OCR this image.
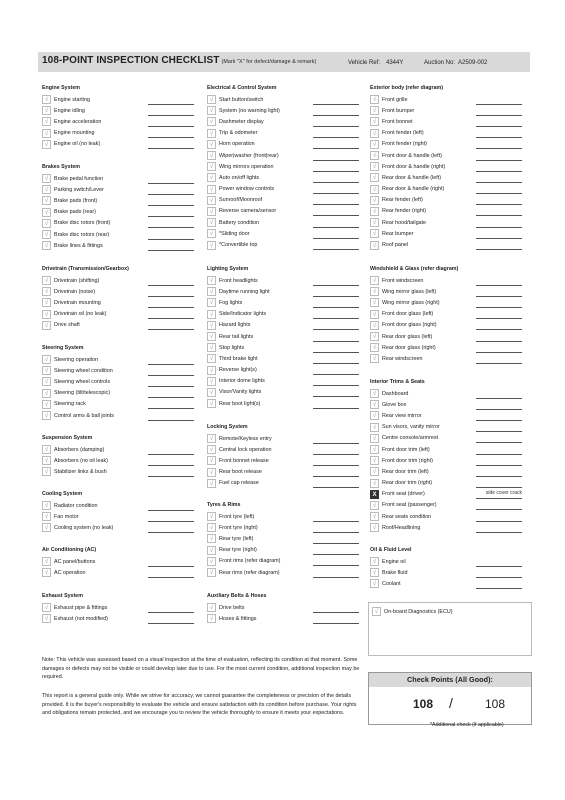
108-POINT INSPECTION CHECKLIST (Mark "X" for defect/damage & remark)	Vehicle Ref: 4344Y	Auction No: A2509-002
Engine System
√	Engine starting
√	Engine idling
√	Engine acceleration
√	Engine mounting
√	Engine oil (no leak)
Brakes System
√	Brake pedal function
√	Parking switch/Lever
√	Brake pads (front)
√	Brake pads (rear)
√	Brake disc rotors (front)
√	Brake disc rotors (rear)
√	Brake lines & fittings
Drivetrain (Transmission/Gearbox)
√	Drivetrain (shifting)
√	Drivetrain (noise)
√	Drivetrain mounting
√	Drivetrain oil (no leak)
√	Drive shaft
Steering System
√	Steering operation
√	Steering wheel condition
√	Steering wheel controls
√	Steering (tilt/telescopic)
√	Steering rack
√	Control arms & ball joints
Suspension System
√	Absorbers (damping)
√	Absorbers (no oil leak)
√	Stabilizer links & bush
Cooling System
√	Radiator condition
√	Fan motor
√	Cooling system (no leak)
Air Conditioning (AC)
√	AC panel/buttons
√	AC operation
Exhaust System
√	Exhaust pipe & fittings
√	Exhaust (not modified)
Electrical & Control System
√	Start button/switch
√	System (no warning light)
√	Dashmeter display
√	Trip & odometer
√	Horn operation
√	Wiper|washer (front|rear)
√	Wing mirrors operation
√	Auto on/off lights
√	Power window controls
√	Sunroof/Moonroof
√	Reverse camera/sensor
√	Battery condition
√	*Sliding door
√	*Convertible top
Lighting System
√	Front headlights
√	Daytime running light
√	Fog lights
√	Side/Indicator lights
√	Hazard lights
√	Rear tail lights
√	Stop lights
√	Third brake light
√	Reverse light(s)
√	Interior dome lights
√	Visor/Vanity lights
√	Rear boot light(s)
Locking System
√	Remote/Keyless entry
√	Central lock operation
√	Front bonnet release
√	Rear boot release
√	Fuel cap release
Tyres & Rims
√	Front tyre (left)
√	Front tyre (right)
√	Rear tyre (left)
√	Rear tyre (right)
√	Front rims (refer diagram)
√	Rear rims (refer diagram)
Auxiliary Belts & Hoses
√	Drive belts
√	Hoses & fittings
Exterior body (refer diagram)
√	Front grille
√	Front bumper
√	Front bonnet
√	Front fender (left)
√	Front fender (right)
√	Front door & handle (left)
√	Front door & handle (right)
√	Rear door & handle (left)
√	Rear door & handle (right)
√	Rear fender (left)
√	Rear fender (right)
√	Rear hood/tailgate
√	Rear bumper
√	Roof panel
Windshield & Glass (refer diagram)
√	Front windscreen
√	Wing mirror glass (left)
√	Wing mirror glass (right)
√	Front door glass (left)
√	Front door glass (right)
√	Rear door glass (left)
√	Rear door glass (right)
√	Rear windscreen
Interior Trims & Seats
√	Dashboard
√	Glove box
√	Rear view mirror
√	Sun visors, vanity mirror
√	Centre console/armrest
√	Front door trim (left)
√	Front door trim (right)
√	Rear door trim (left)
√	Rear door trim (right)
X	Front seat (driver)	side cover crack
√	Front seat (passenger)
√	Rear seats condition
√	Roof/Headlining
Oil & Fluid Level
√	Engine oil
√	Brake fluid
√	Coolant
√	On-board Diagnostics (ECU)
Note: This vehicle was assessed based on a visual inspection at the time of evaluation, reflecting its condition at that moment. Some damages or defects may not be visible or could develop later due to use. For the most current condition, additional inspection may be required.
This report is a general guide only. While we strive for accuracy, we cannot guarantee the completeness or precision of the details provided. It is the buyer's responsibility to evaluate the vehicle and ensure satisfaction with its condition before purchase. Your rights and obligations remain protected, and we encourage you to review the vehicle thoroughly to ensure it meets your expectations.
Check Points (All Good):
108 /	108
*Additional check (if applicable)
